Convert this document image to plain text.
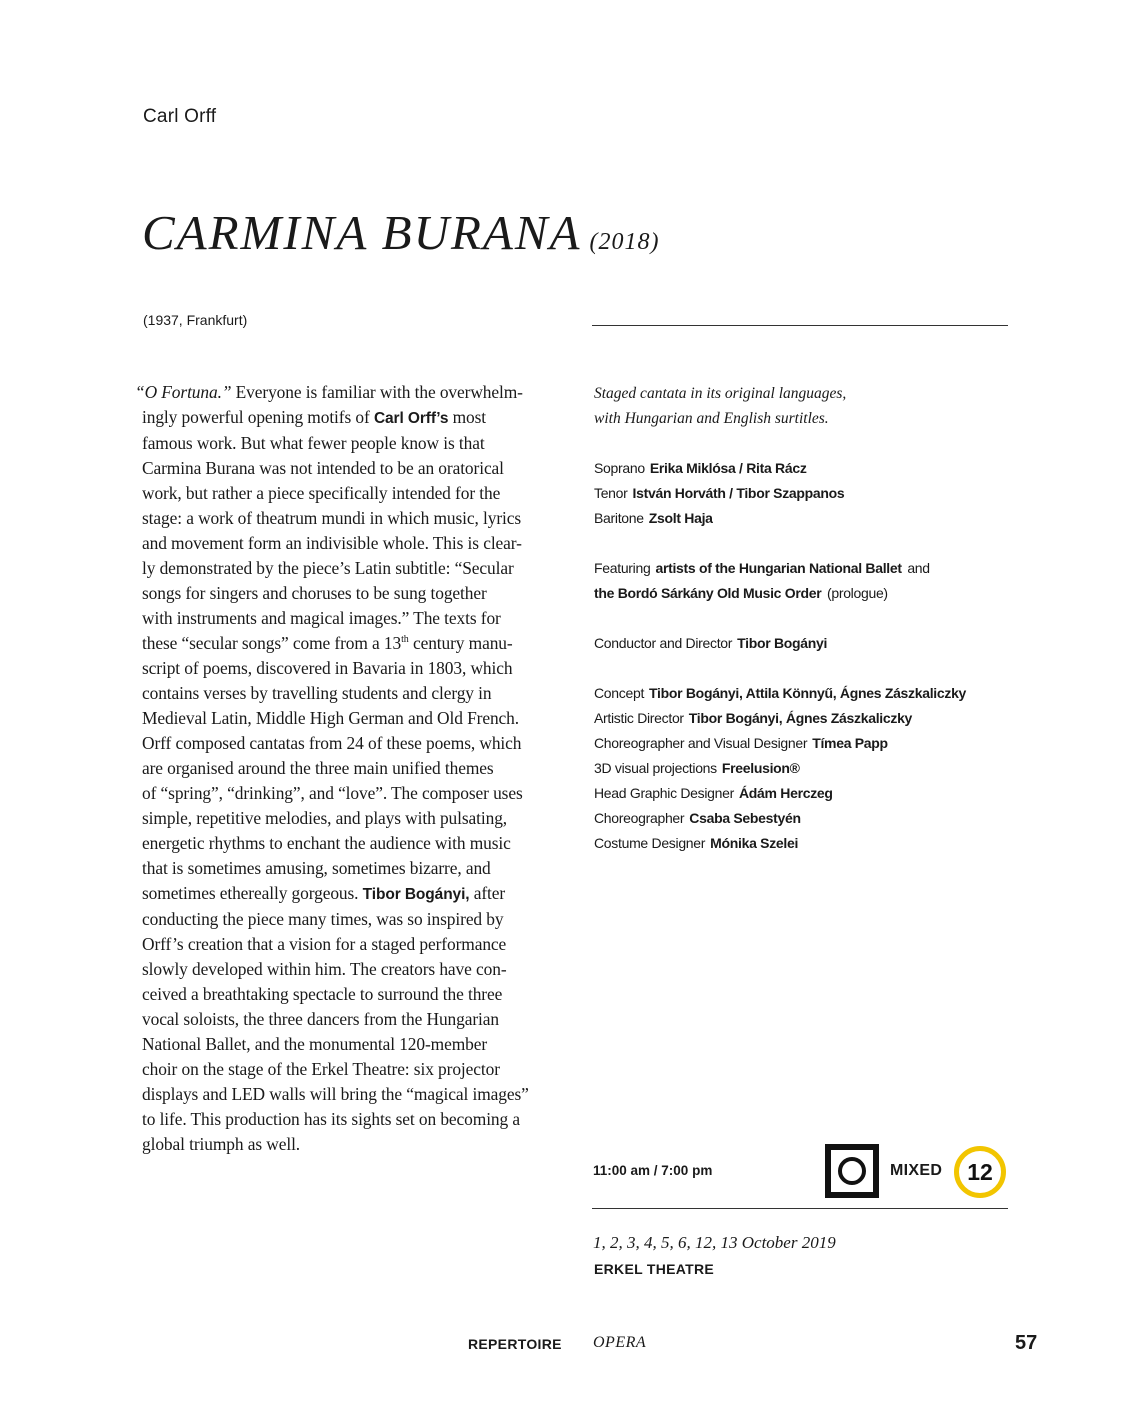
Carl Orff
CARMINA BURANA (2018)
(1937, Frankfurt)
“O Fortuna.” Everyone is familiar with the overwhelm-
ingly powerful opening motifs of Carl Orff’s most
famous work. But what fewer people know is that
Carmina Burana was not intended to be an oratorical
work, but rather a piece specifically intended for the
stage: a work of theatrum mundi in which music, lyrics
and movement form an indivisible whole. This is clear-
ly demonstrated by the piece’s Latin subtitle: “Secular
songs for singers and choruses to be sung together
with instruments and magical images.” The texts for
these “secular songs” come from a 13th century manu-
script of poems, discovered in Bavaria in 1803, which
contains verses by travelling students and clergy in
Medieval Latin, Middle High German and Old French.
Orff composed cantatas from 24 of these poems, which
are organised around the three main unified themes
of “spring”, “drinking”, and “love”. The composer uses
simple, repetitive melodies, and plays with pulsating,
energetic rhythms to enchant the audience with music
that is sometimes amusing, sometimes bizarre, and
sometimes ethereally gorgeous. Tibor Bogányi, after
conducting the piece many times, was so inspired by
Orff’s creation that a vision for a staged performance
slowly developed within him. The creators have con-
ceived a breathtaking spectacle to surround the three
vocal soloists, the three dancers from the Hungarian
National Ballet, and the monumental 120-member
choir on the stage of the Erkel Theatre: six projector
displays and LED walls will bring the “magical images”
to life. This production has its sights set on becoming a
global triumph as well.
Staged cantata in its original languages,
with Hungarian and English surtitles.
Soprano Erika Miklósa / Rita Rácz
Tenor István Horváth / Tibor Szappanos
Baritone Zsolt Haja
Featuring artists of the Hungarian National Ballet and
the Bordó Sárkány Old Music Order (prologue)
Conductor and Director Tibor Bogányi
Concept Tibor Bogányi, Attila Könnyű, Ágnes Zászkaliczky
Artistic Director Tibor Bogányi, Ágnes Zászkaliczky
Choreographer and Visual Designer Tímea Papp
3D visual projections Freelusion®
Head Graphic Designer Ádám Herczeg
Choreographer Csaba Sebestyén
Costume Designer Mónika Szelei
11:00 am / 7:00 pm	MIXED	12
1, 2, 3, 4, 5, 6, 12, 13 October 2019
ERKEL THEATRE
REPERTOIRE OPERA	57
